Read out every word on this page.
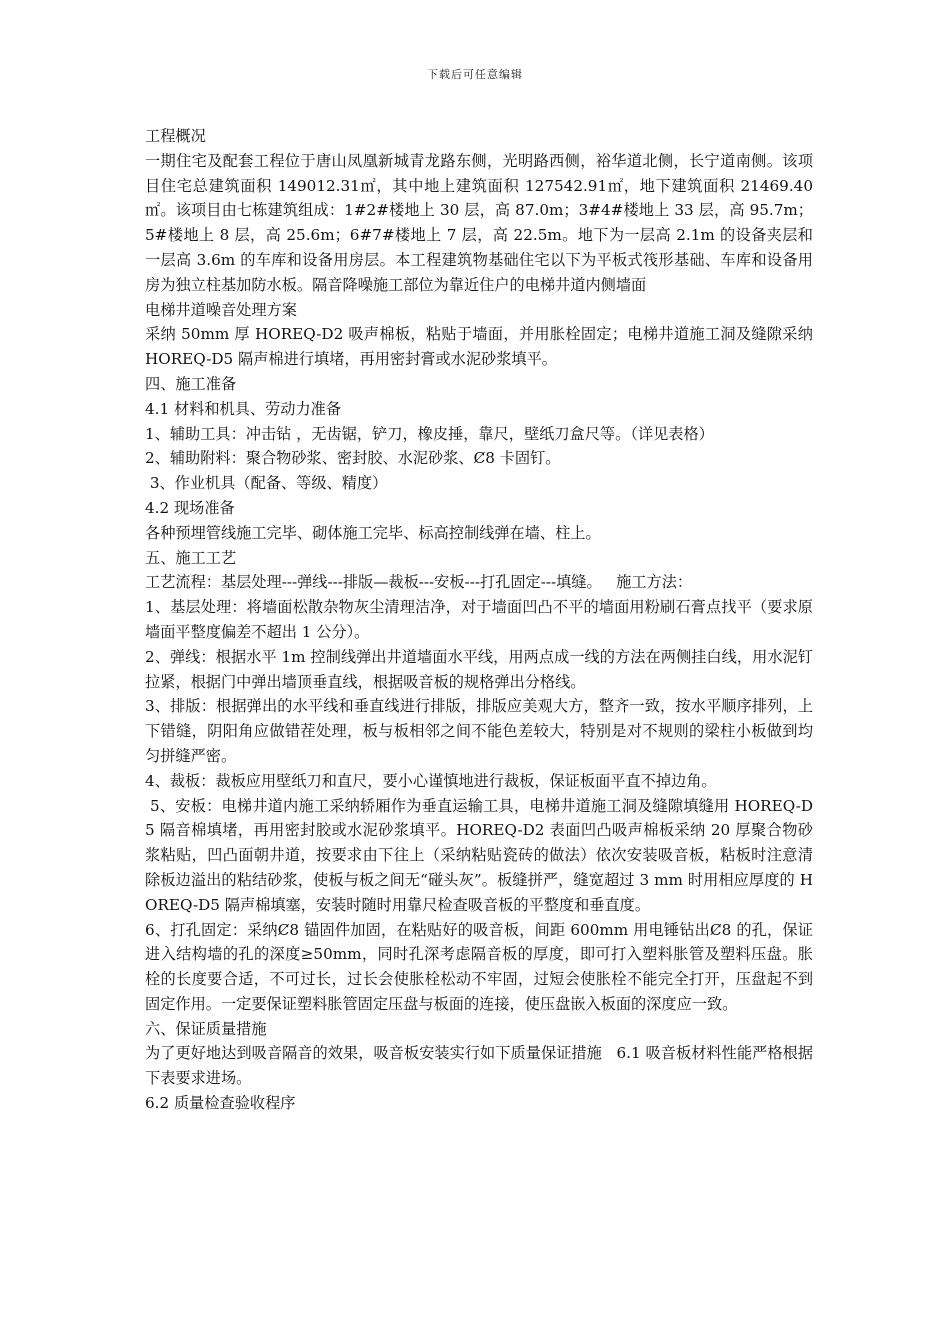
下载后可任意编辑

工程概况

一期住宅及配套工程位于唐山凤凰新城青龙路东侧，光明路西侧，裕华道北侧，长宁道南侧。该项目住宅总建筑面积 149012.31㎡，其中地上建筑面积 127542.91㎡，地下建筑面积 21469.40㎡。该项目由七栋建筑组成：1#2#楼地上 30 层，高 87.0m；3#4#楼地上 33 层，高 95.7m；5#楼地上 8 层，高 25.6m；6#7#楼地上 7 层，高 22.5m。地下为一层高 2.1m 的设备夹层和一层高 3.6m 的车库和设备用房层。本工程建筑物基础住宅以下为平板式筏形基础、车库和设备用房为独立柱基加防水板。隔音降噪施工部位为靠近住户的电梯井道内侧墙面

电梯井道噪音处理方案

采纳 50mm 厚 HOREQ-D2 吸声棉板，粘贴于墙面，并用胀栓固定；电梯井道施工洞及缝隙采纳 HOREQ-D5 隔声棉进行填堵，再用密封膏或水泥砂浆填平。

四、施工准备

4.1 材料和机具、劳动力准备

1、辅助工具：冲击钻 ，无齿锯，铲刀，橡皮捶，靠尺，壁纸刀盒尺等。（详见表格）

2、辅助附料：聚合物砂浆、密封胶、水泥砂浆、Ȼ8 卡固钉。

3、作业机具（配备、等级、精度）

4.2 现场准备

各种预埋管线施工完毕、砌体施工完毕、标高控制线弹在墙、柱上。

五、施工工艺

工艺流程：基层处理---弹线---排版—裁板---安板---打孔固定---填缝。   施工方法：

1、基层处理：将墙面松散杂物灰尘清理洁净，对于墙面凹凸不平的墙面用粉刷石膏点找平（要求原墙面平整度偏差不超出 1 公分）。

2、弹线：根据水平 1m 控制线弹出井道墙面水平线，用两点成一线的方法在两侧挂白线，用水泥钉拉紧，根据门中弹出墙顶垂直线，根据吸音板的规格弹出分格线。

3、排版：根据弹出的水平线和垂直线进行排版，排版应美观大方，整齐一致，按水平顺序排列，上下错缝，阴阳角应做错茬处理，板与板相邻之间不能色差较大，特别是对不规则的梁柱小板做到均匀拼缝严密。

4、裁板：裁板应用壁纸刀和直尺，要小心谨慎地进行裁板，保证板面平直不掉边角。

5、安板：电梯井道内施工采纳轿厢作为垂直运输工具，电梯井道施工洞及缝隙填缝用 HOREQ-D5 隔音棉填堵，再用密封胶或水泥砂浆填平。HOREQ-D2 表面凹凸吸声棉板采纳 20 厚聚合物砂浆粘贴，凹凸面朝井道，按要求由下往上（采纳粘贴瓷砖的做法）依次安装吸音板，粘板时注意清除板边溢出的粘结砂浆，使板与板之间无“碰头灰”。板缝拼严，缝宽超过 3 mm 时用相应厚度的 HOREQ-D5 隔声棉填塞，安装时随时用靠尺检查吸音板的平整度和垂直度。

6、打孔固定：采纳Ȼ8 锚固件加固，在粘贴好的吸音板，间距 600mm 用电锤钻出Ȼ8 的孔，保证进入结构墙的孔的深度≥50mm，同时孔深考虑隔音板的厚度，即可打入塑料胀管及塑料压盘。胀栓的长度要合适，不可过长，过长会使胀栓松动不牢固，过短会使胀栓不能完全打开，压盘起不到固定作用。一定要保证塑料胀管固定压盘与板面的连接，使压盘嵌入板面的深度应一致。

六、保证质量措施

为了更好地达到吸音隔音的效果，吸音板安装实行如下质量保证措施   6.1 吸音板材料性能严格根据下表要求进场。

6.2 质量检查验收程序
